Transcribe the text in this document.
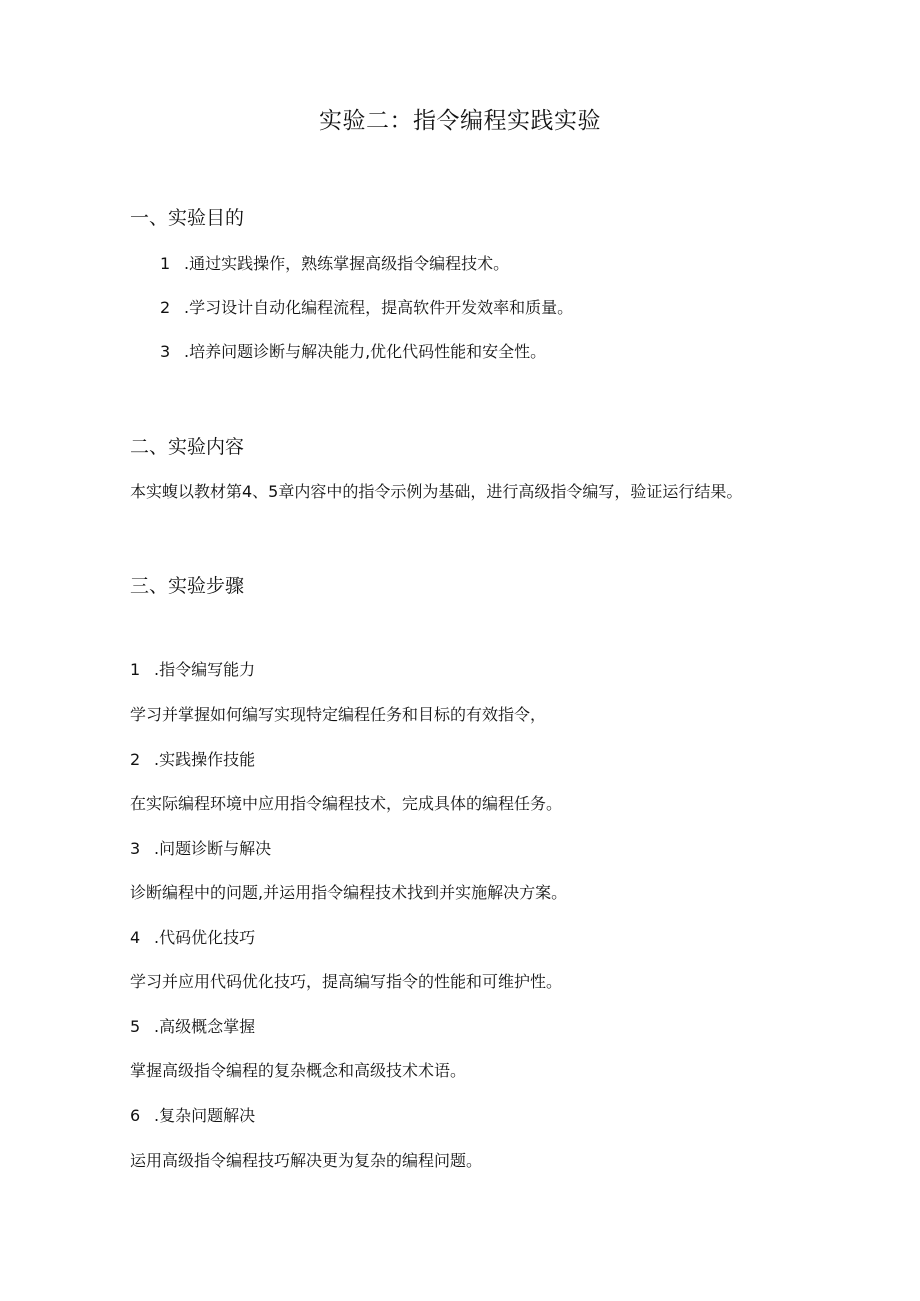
实验二：指令编程实践实验
一、实验目的
1 .通过实践操作，熟练掌握高级指令编程技术。
2 .学习设计自动化编程流程，提高软件开发效率和质量。
3 .培养问题诊断与解决能力,优化代码性能和安全性。
二、实验内容
本实蝮以教材第4、5章内容中的指令示例为基础，进行高级指令编写，验证运行结果。
三、实验步骤
1 .指令编写能力
学习并掌握如何编写实现特定编程任务和目标的有效指令，
2 .实践操作技能
在实际编程环境中应用指令编程技术，完成具体的编程任务。
3 .问题诊断与解决
诊断编程中的问题,并运用指令编程技术找到并实施解决方案。
4 .代码优化技巧
学习并应用代码优化技巧，提高编写指令的性能和可维护性。
5 .高级概念掌握
掌握高级指令编程的复杂概念和高级技术术语。
6 .复杂问题解决
运用高级指令编程技巧解决更为复杂的编程问题。
